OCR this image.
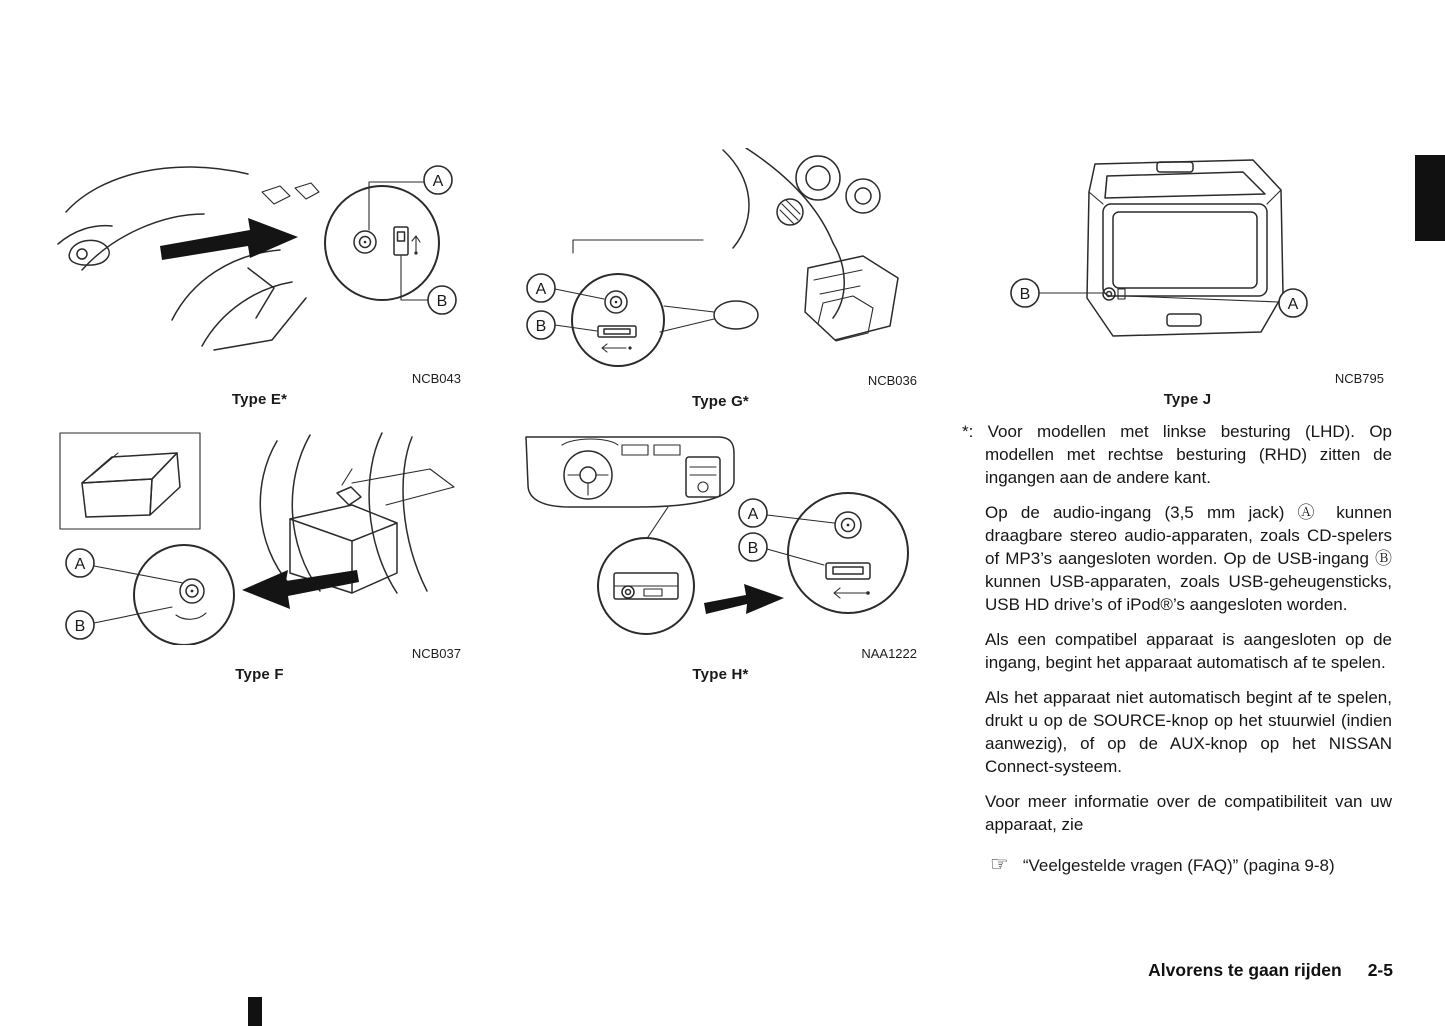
A
B
NCB043
Type E*
A
B
NCB036
Type G*
B
A
NCB795
Type J
A
B
NCB037
Type F
A
B
NAA1222
Type H*

*: Voor modellen met linkse besturing (LHD). Op modellen met rechtse besturing (RHD) zitten de ingangen aan de andere kant.

Op de audio-ingang (3,5 mm jack) Ⓐ kunnen draagbare stereo audio-apparaten, zoals CD-spelers of MP3’s aangesloten worden. Op de USB-ingang Ⓑ kunnen USB-apparaten, zoals USB-geheugensticks, USB HD drive’s of iPod®’s aangesloten worden.

Als een compatibel apparaat is aangesloten op de ingang, begint het apparaat automatisch af te spelen.

Als het apparaat niet automatisch begint af te spelen, drukt u op de SOURCE-knop op het stuurwiel (indien aanwezig), of op de AUX-knop op het NISSAN Connect-systeem.

Voor meer informatie over de compatibiliteit van uw apparaat, zie

☞ “Veelgestelde vragen (FAQ)” (pagina 9-8)
Alvorens te gaan rijden 2-5
